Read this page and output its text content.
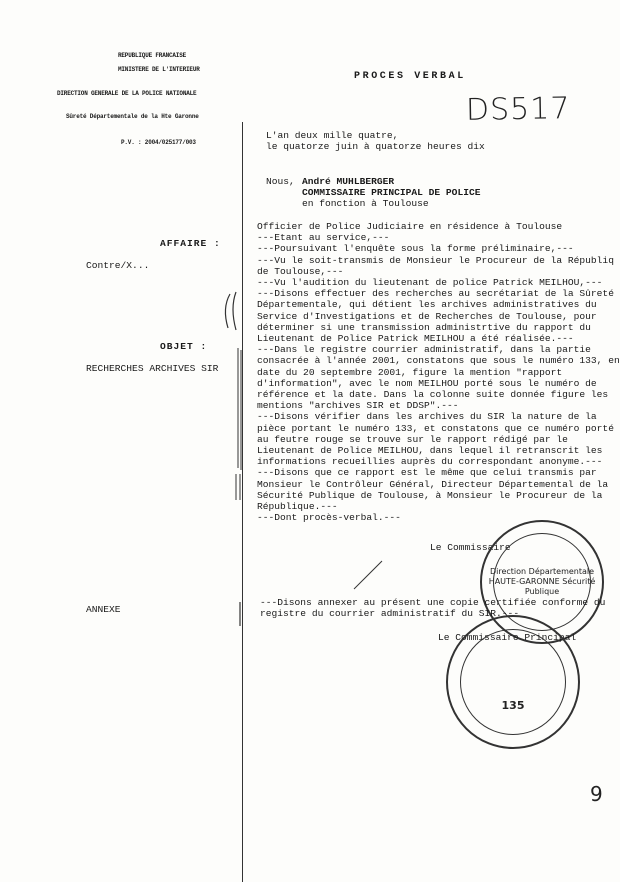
REPUBLIQUE FRANCAISE
MINISTERE DE L'INTERIEUR
DIRECTION GENERALE DE LA POLICE NATIONALE
Sûreté Départementale de la Hte Garonne
P.V. : 2004/025177/003
PROCES VERBAL
DS517
L'an deux mille quatre,
le quatorze juin à quatorze heures dix
Nous, André MUHLBERGER
COMMISSAIRE PRINCIPAL DE POLICE
en fonction à Toulouse
AFFAIRE :
Contre/X...
OBJET :
RECHERCHES ARCHIVES SIR
ANNEXE
Officier de Police Judiciaire en résidence à Toulouse
---Etant au service,---
---Poursuivant l'enquête sous la forme préliminaire,---
---Vu le soit-transmis de Monsieur le Procureur de la Républiq
de Toulouse,---
---Vu l'audition du lieutenant de police Patrick MEILHOU,---
---Disons effectuer des recherches au secrétariat de la Sûreté
Départementale, qui détient les archives administratives du
Service d'Investigations et de Recherches de Toulouse, pour
déterminer si une transmission administrtive du rapport du
Lieutenant de Police Patrick MEILHOU a été réalisée.---
---Dans le registre courrier administratif, dans la partie
consacrée à l'année 2001, constatons que sous le numéro 133, en
date du 20 septembre 2001, figure la mention "rapport
d'information", avec le nom MEILHOU porté sous le numéro de
référence et la date. Dans la colonne suite donnée figure les
mentions "archives SIR et DDSP".---
---Disons vérifier dans les archives du SIR la nature de la
pièce portant le numéro 133, et constatons que ce numéro porté
au feutre rouge se trouve sur le rapport rédigé par le
Lieutenant de Police MEILHOU, dans lequel il retranscrit les
informations recueillies auprès du correspondant anonyme.---
---Disons que ce rapport est le même que celui transmis par
Monsieur le Contrôleur Général, Directeur Départemental de la
Sécurité Publique de Toulouse, à Monsieur le Procureur de la
République.---
---Dont procès-verbal.---
Le Commissaire
Direction Départementale HAUTE-GARONNE Sécurité Publique
---Disons annexer au présent une copie certifiée conforme du
registre du courrier administratif du SIR.---
Le Commissaire Principal
135
9
